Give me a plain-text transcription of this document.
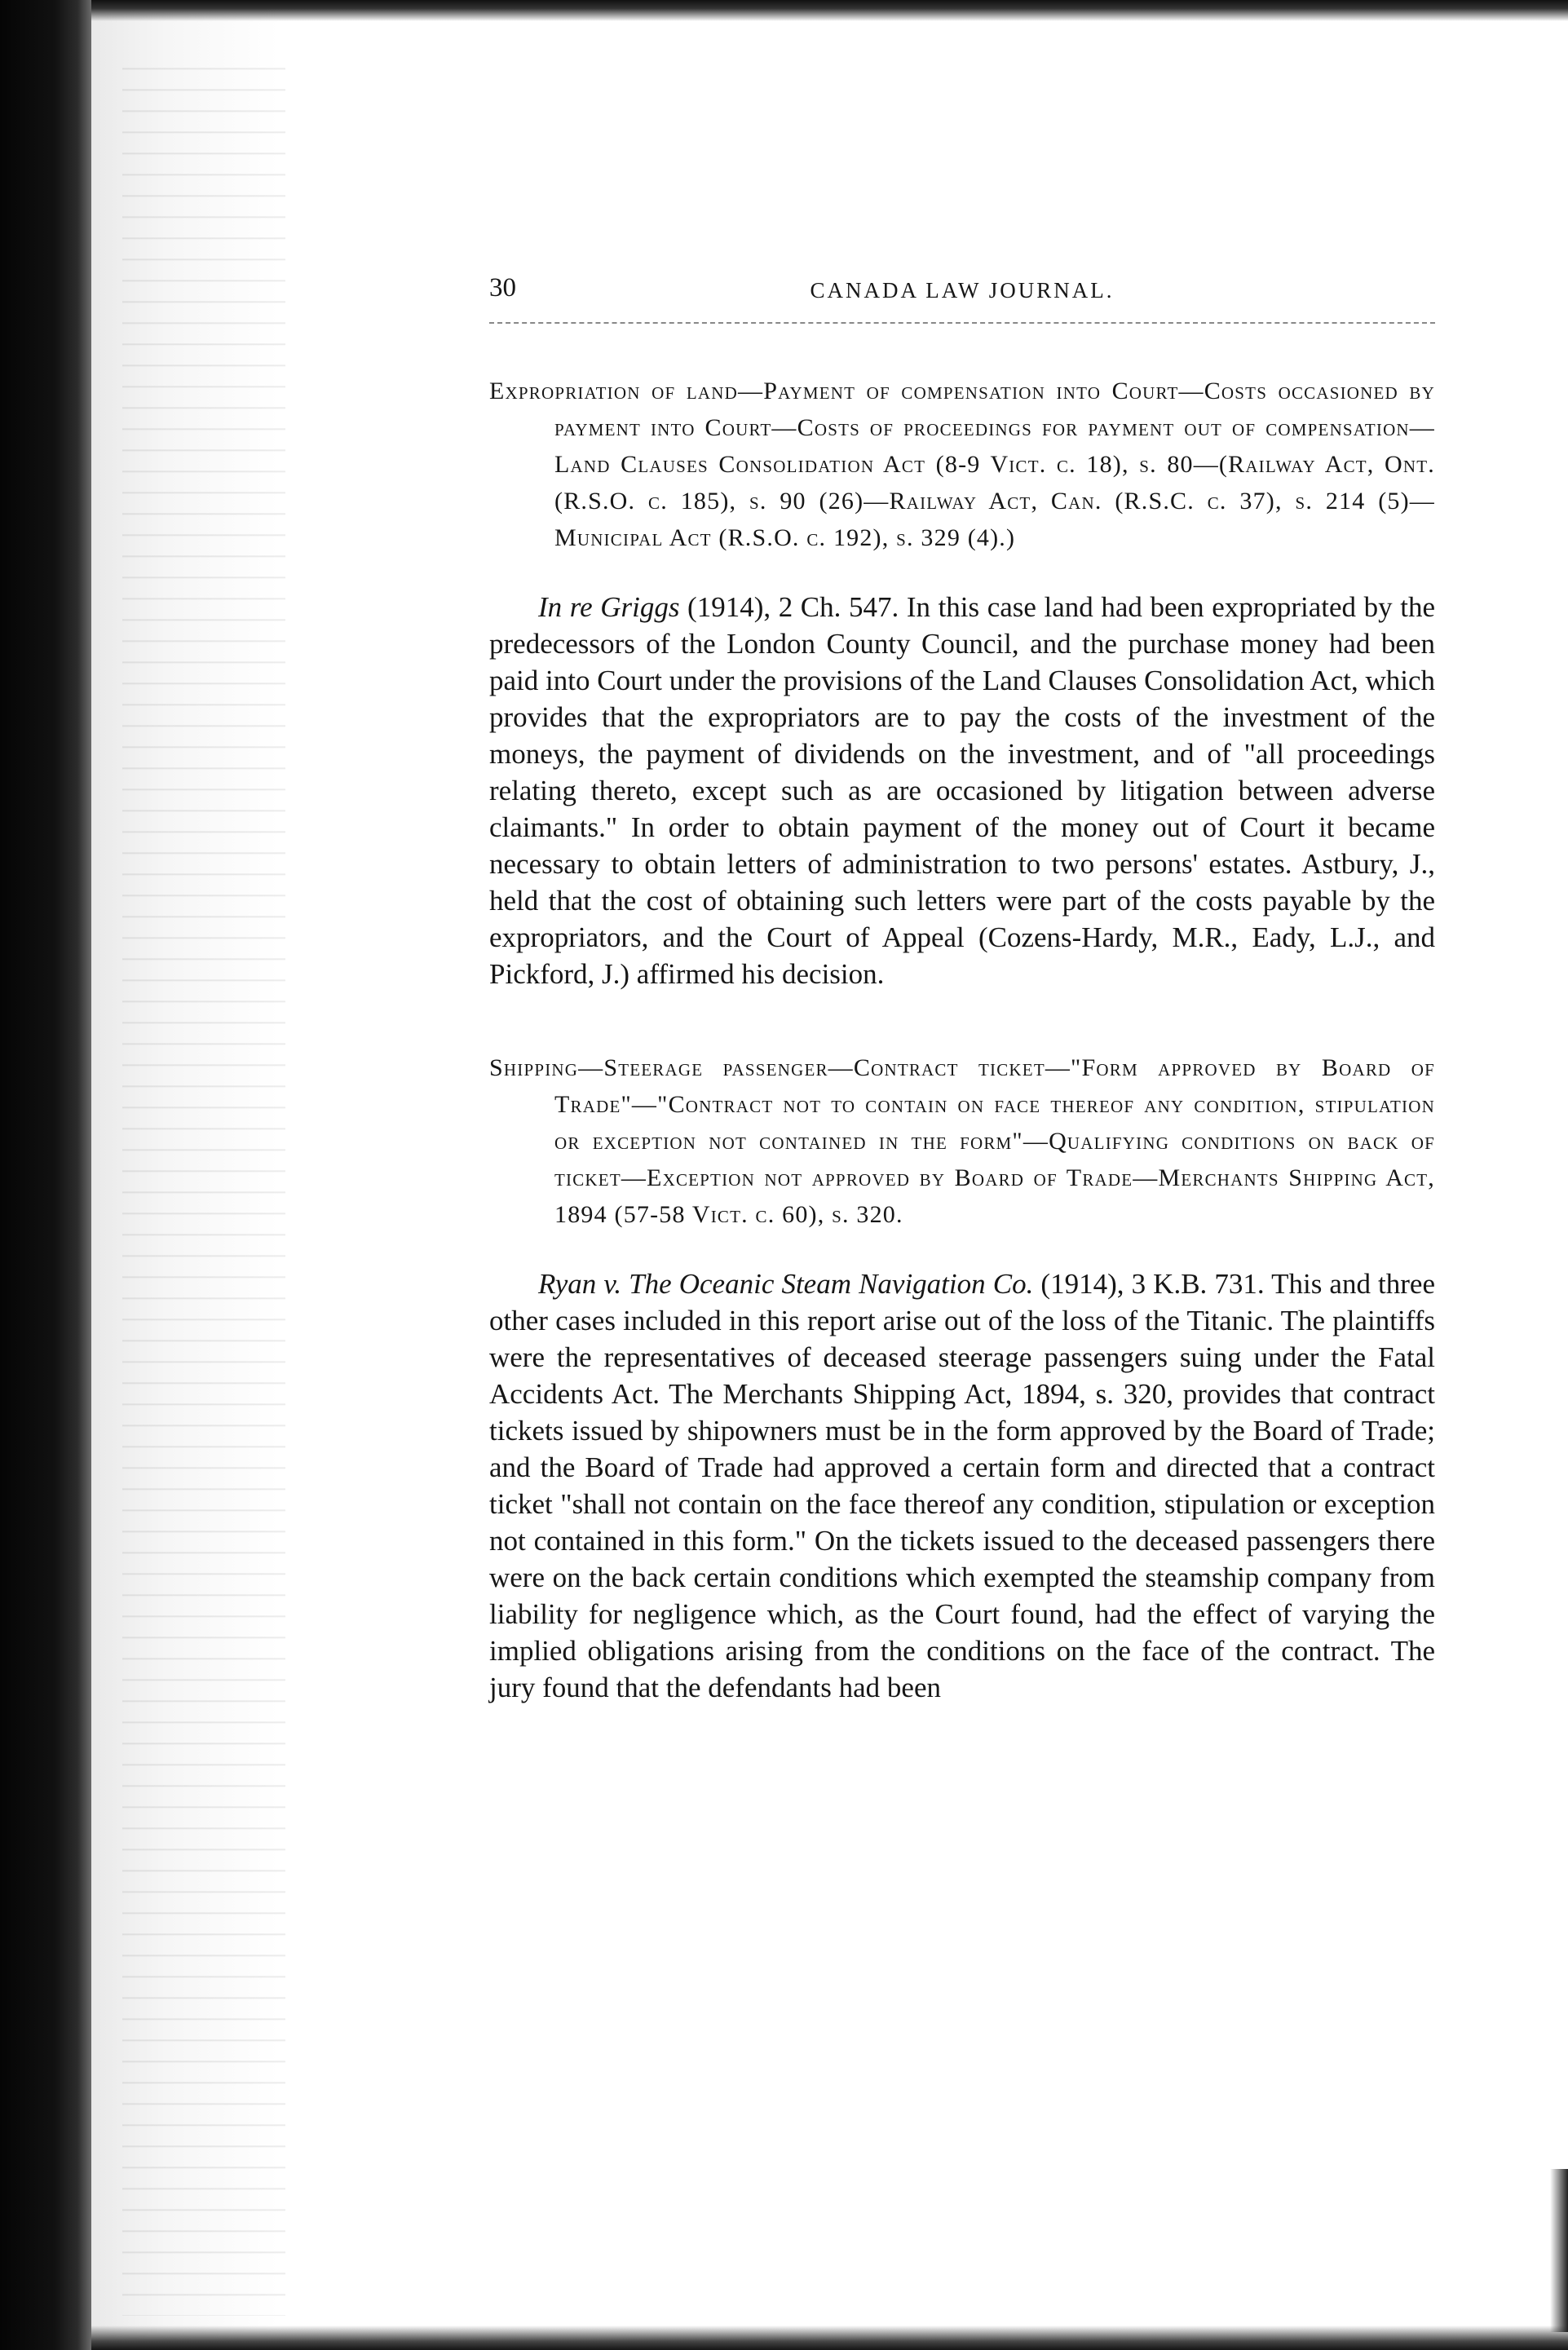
30	CANADA LAW JOURNAL.

Expropriation of land—Payment of compensation into Court—Costs occasioned by payment into Court—Costs of proceedings for payment out of compensation—Land Clauses Consolidation Act (8-9 Vict. c. 18), s. 80—(Railway Act, Ont. (R.S.O. c. 185), s. 90 (26)—Railway Act, Can. (R.S.C. c. 37), s. 214 (5)—Municipal Act (R.S.O. c. 192), s. 329 (4).)

In re Griggs (1914), 2 Ch. 547. In this case land had been expropriated by the predecessors of the London County Council, and the purchase money had been paid into Court under the provisions of the Land Clauses Consolidation Act, which provides that the expropriators are to pay the costs of the investment of the moneys, the payment of dividends on the investment, and of "all proceedings relating thereto, except such as are occasioned by litigation between adverse claimants." In order to obtain payment of the money out of Court it became necessary to obtain letters of administration to two persons' estates. Astbury, J., held that the cost of obtaining such letters were part of the costs payable by the expropriators, and the Court of Appeal (Cozens-Hardy, M.R., Eady, L.J., and Pickford, J.) affirmed his decision.

Shipping—Steerage passenger—Contract ticket—"Form approved by Board of Trade"—"Contract not to contain on face thereof any condition, stipulation or exception not contained in the form"—Qualifying conditions on back of ticket—Exception not approved by Board of Trade—Merchants Shipping Act, 1894 (57-58 Vict. c. 60), s. 320.

Ryan v. The Oceanic Steam Navigation Co. (1914), 3 K.B. 731. This and three other cases included in this report arise out of the loss of the Titanic. The plaintiffs were the representatives of deceased steerage passengers suing under the Fatal Accidents Act. The Merchants Shipping Act, 1894, s. 320, provides that contract tickets issued by shipowners must be in the form approved by the Board of Trade; and the Board of Trade had approved a certain form and directed that a contract ticket "shall not contain on the face thereof any condition, stipulation or exception not contained in this form." On the tickets issued to the deceased passengers there were on the back certain conditions which exempted the steamship company from liability for negligence which, as the Court found, had the effect of varying the implied obligations arising from the conditions on the face of the contract. The jury found that the defendants had been
